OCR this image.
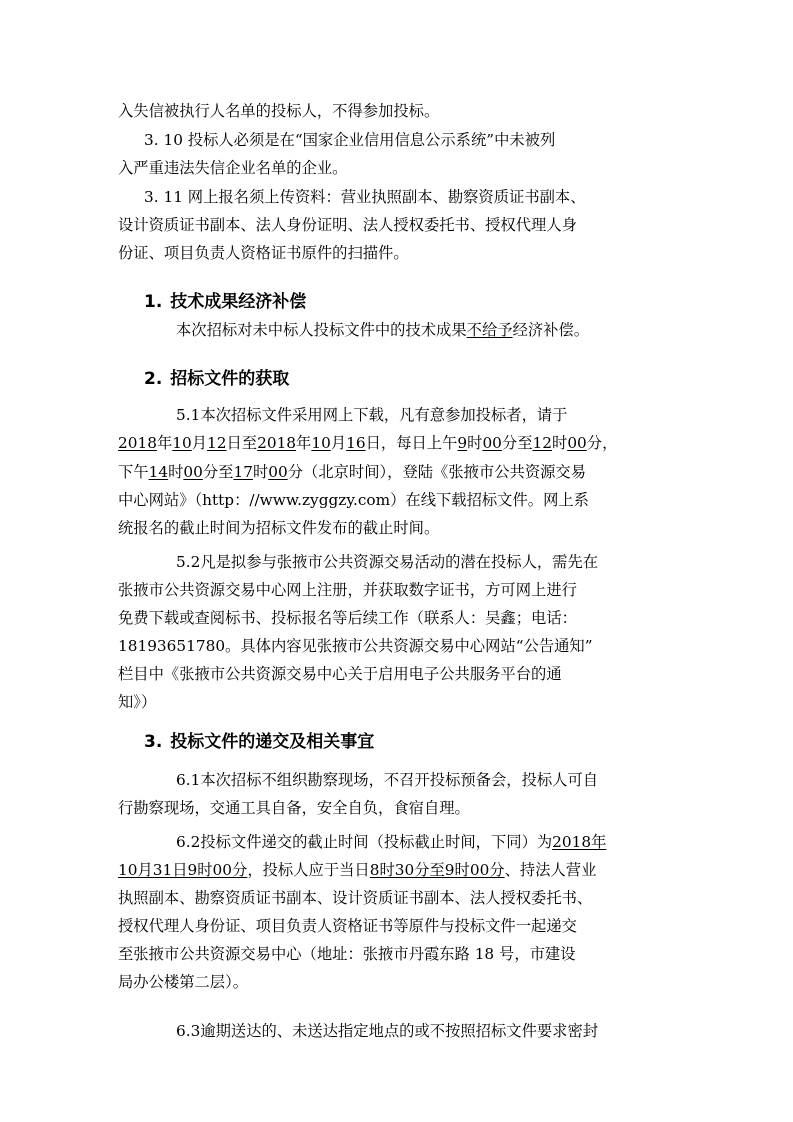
入失信被执行人名单的投标人，不得参加投标。
3. 10 投标人必须是在“国家企业信用信息公示系统”中未被列
入严重违法失信企业名单的企业。
3. 11 网上报名须上传资料：营业执照副本、勘察资质证书副本、
设计资质证书副本、法人身份证明、法人授权委托书、授权代理人身
份证、项目负责人资格证书原件的扫描件。
1. 技术成果经济补偿
本次招标对未中标人投标文件中的技术成果不给予经济补偿。
2. 招标文件的获取
5.1本次招标文件采用网上下载，凡有意参加投标者，请于
2018年10月12日至2018年10月16日，每日上午9时00分至12时00分，
下午14时00分至17时00分（北京时间），登陆《张掖市公共资源交易
中心网站》（http：//www.zyggzy.com）在线下载招标文件。网上系
统报名的截止时间为招标文件发布的截止时间。
5.2凡是拟参与张掖市公共资源交易活动的潜在投标人，需先在
张掖市公共资源交易中心网上注册，并获取数字证书，方可网上进行
免费下载或查阅标书、投标报名等后续工作（联系人：吴鑫；电话：
18193651780。具体内容见张掖市公共资源交易中心网站“公告通知”
栏目中《张掖市公共资源交易中心关于启用电子公共服务平台的通
知》）
3. 投标文件的递交及相关事宜
6.1本次招标不组织勘察现场，不召开投标预备会，投标人可自
行勘察现场，交通工具自备，安全自负，食宿自理。
6.2投标文件递交的截止时间（投标截止时间，下同）为2018年
10月31日9时00分，投标人应于当日8时30分至9时00分、持法人营业
执照副本、勘察资质证书副本、设计资质证书副本、法人授权委托书、
授权代理人身份证、项目负责人资格证书等原件与投标文件一起递交
至张掖市公共资源交易中心（地址：张掖市丹霞东路 18 号，市建设
局办公楼第二层）。
6.3逾期送达的、未送达指定地点的或不按照招标文件要求密封
